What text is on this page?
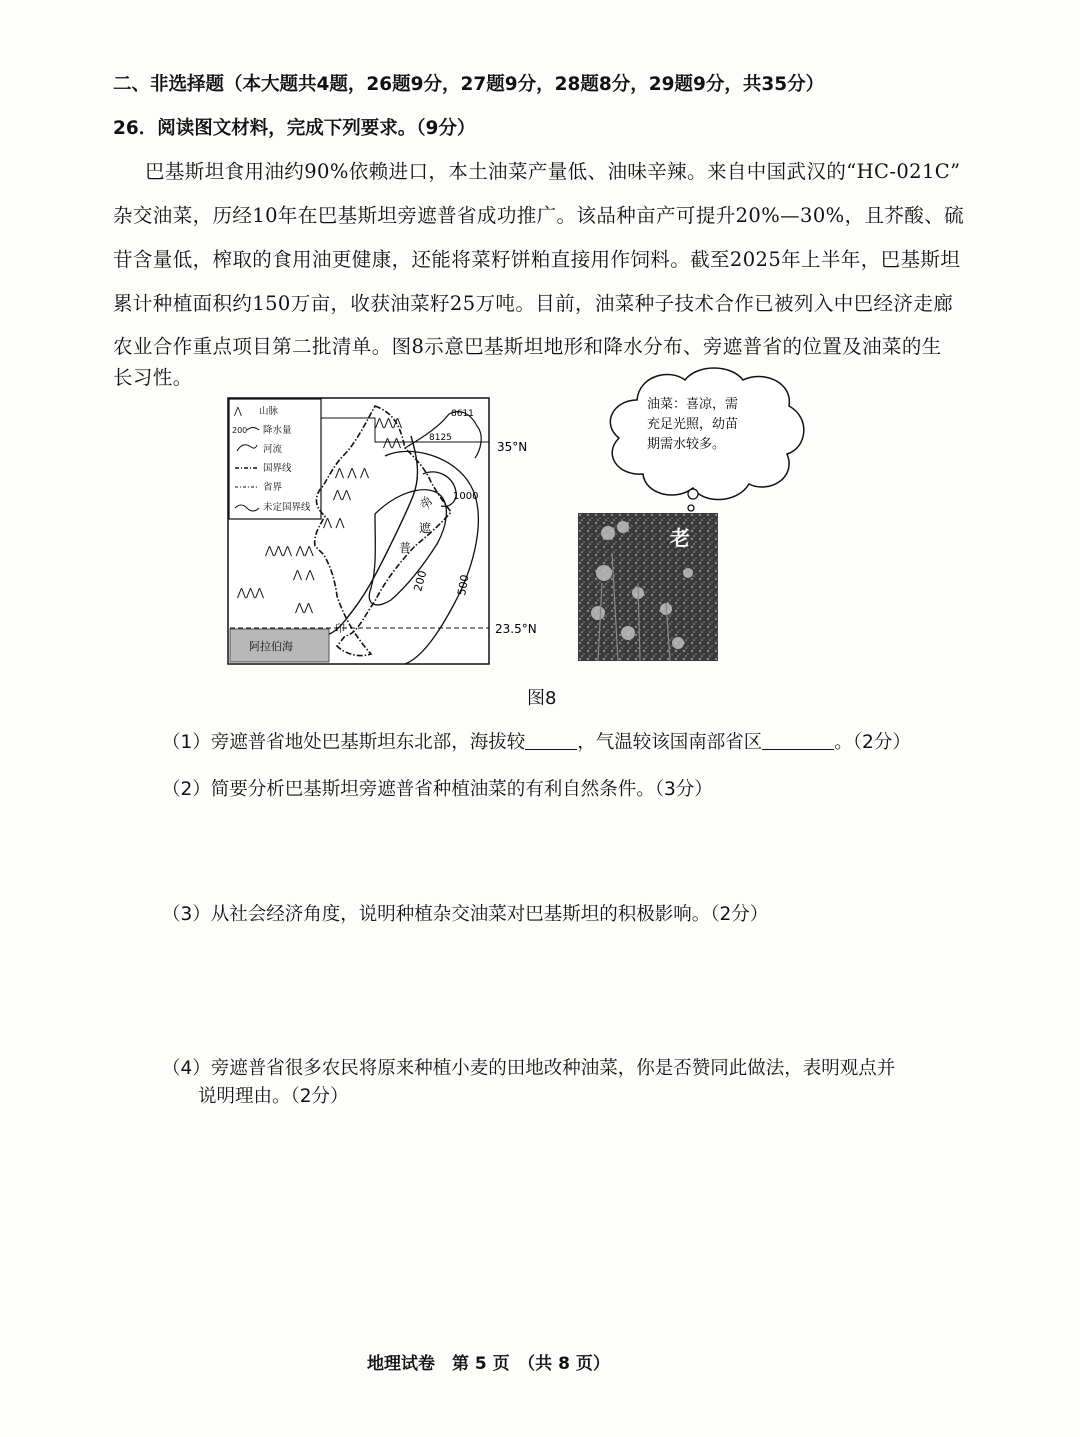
二、非选择题（本大题共4题，26题9分，27题9分，28题8分，29题9分，共35分）
26．阅读图文材料，完成下列要求。（9分）
巴基斯坦食用油约90%依赖进口，本土油菜产量低、油味辛辣。来自中国武汉的“HC-021C”
杂交油菜，历经10年在巴基斯坦旁遮普省成功推广。该品种亩产可提升20%—30%，且芥酸、硫
苷含量低，榨取的食用油更健康，还能将菜籽饼粕直接用作饲料。截至2025年上半年，巴基斯坦
累计种植面积约150万亩，收获油菜籽25万吨。目前，油菜种子技术合作已被列入中巴经济走廊
农业合作重点项目第二批清单。图8示意巴基斯坦地形和降水分布、旁遮普省的位置及油菜的生
长习性。
⋀ 山脉
200 降水量
河流
国界线
省界
未定国界线
35°N
23.5°N
阿拉伯海
1000
500
200
⋀⋀⋀
⋀⋀
⋀ ⋀ ⋀
⋀⋀
⋀ ⋀
⋀⋀⋀ ⋀⋀
⋀ ⋀
⋀⋀⋀
⋀⋀
8611
8125
旁
遮
普
印
油菜：喜凉，需
充足光照，幼苗
期需水较多。
老
图8
（1）旁遮普省地处巴基斯坦东北部，海拔较	，气温较该国南部省区	。（2分）
（2）简要分析巴基斯坦旁遮普省种植油菜的有利自然条件。（3分）
（3）从社会经济角度，说明种植杂交油菜对巴基斯坦的积极影响。（2分）
（4）旁遮普省很多农民将原来种植小麦的田地改种油菜，你是否赞同此做法，表明观点并
说明理由。（2分）
地理试卷　第 5 页　（共 8 页）
